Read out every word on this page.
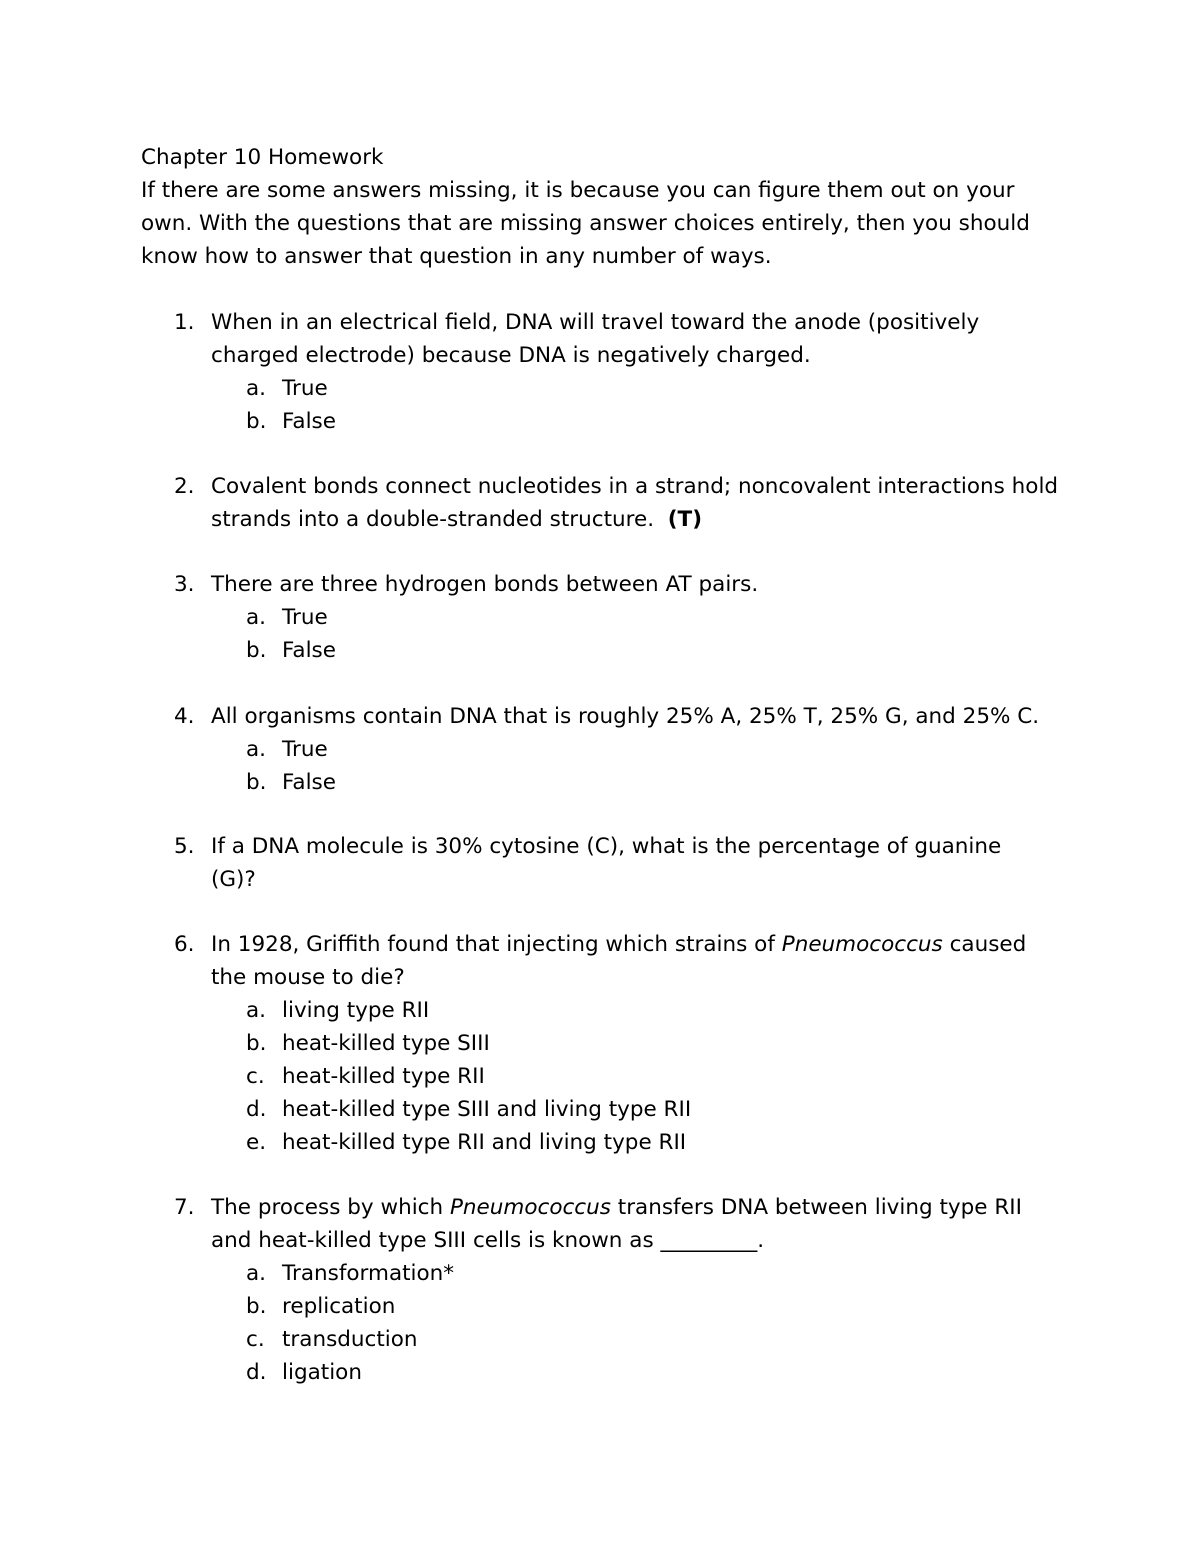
Chapter 10 Homework
If there are some answers missing, it is because you can figure them out on your
own. With the questions that are missing answer choices entirely, then you should
know how to answer that question in any number of ways.
1. When in an electrical field, DNA will travel toward the anode (positively
charged electrode) because DNA is negatively charged.
a. True
b. False
2. Covalent bonds connect nucleotides in a strand; noncovalent interactions hold
strands into a double-stranded structure. (T)
3. There are three hydrogen bonds between AT pairs.
a. True
b. False
4. All organisms contain DNA that is roughly 25% A, 25% T, 25% G, and 25% C.
a. True
b. False
5. If a DNA molecule is 30% cytosine (C), what is the percentage of guanine
(G)?
6. In 1928, Griffith found that injecting which strains of Pneumococcus caused
the mouse to die?
a. living type RII
b. heat-killed type SIII
c. heat-killed type RII
d. heat-killed type SIII and living type RII
e. heat-killed type RII and living type RII
7. The process by which Pneumococcus transfers DNA between living type RII
and heat-killed type SIII cells is known as _________.
a. Transformation*
b. replication
c. transduction
d. ligation
